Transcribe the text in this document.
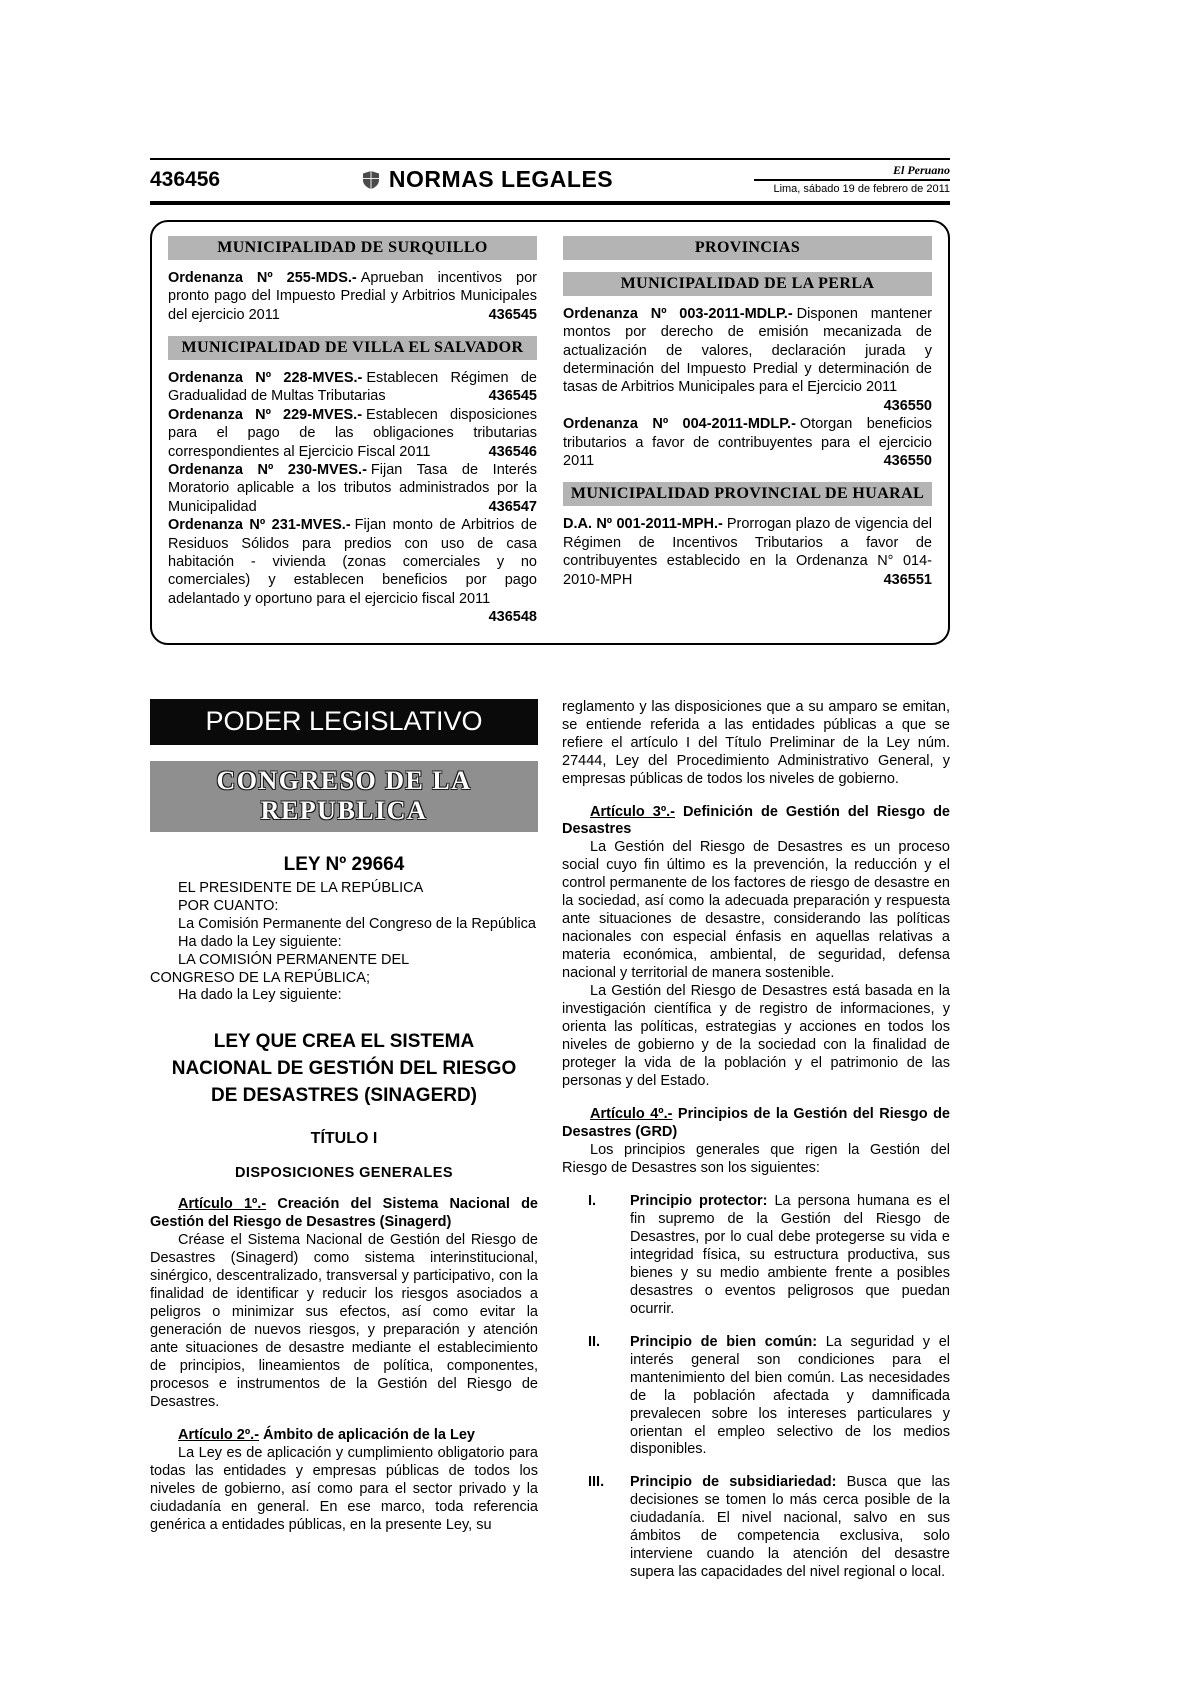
436456	NORMAS LEGALES	El Peruano
Lima, sábado 19 de febrero de 2011
MUNICIPALIDAD DE SURQUILLO

Ordenanza Nº 255-MDS.- Aprueban incentivos por pronto pago del Impuesto Predial y Arbitrios Municipales del ejercicio 2011	436545

MUNICIPALIDAD DE VILLA EL SALVADOR

Ordenanza Nº 228-MVES.- Establecen Régimen de Gradualidad de Multas Tributarias	436545

Ordenanza Nº 229-MVES.- Establecen disposiciones para el pago de las obligaciones tributarias correspondientes al Ejercicio Fiscal 2011	436546

Ordenanza Nº 230-MVES.- Fijan Tasa de Interés Moratorio aplicable a los tributos administrados por la Municipalidad	436547

Ordenanza Nº 231-MVES.- Fijan monto de Arbitrios de Residuos Sólidos para predios con uso de casa habitación - vivienda (zonas comerciales y no comerciales) y establecen beneficios por pago adelantado y oportuno para el ejercicio fiscal 2011
436548

PROVINCIAS
MUNICIPALIDAD DE LA PERLA

Ordenanza Nº 003-2011-MDLP.- Disponen mantener montos por derecho de emisión mecanizada de actualización de valores, declaración jurada y determinación del Impuesto Predial y determinación de tasas de Arbitrios Municipales para el Ejercicio 2011
436550

Ordenanza Nº 004-2011-MDLP.- Otorgan beneficios tributarios a favor de contribuyentes para el ejercicio 2011	436550

MUNICIPALIDAD PROVINCIAL DE HUARAL

D.A. Nº 001-2011-MPH.- Prorrogan plazo de vigencia del Régimen de Incentivos Tributarios a favor de contribuyentes establecido en la Ordenanza N° 014-2010-MPH	436551

PODER LEGISLATIVO
CONGRESO DE LA REPUBLICA
LEY Nº 29664

EL PRESIDENTE DE LA REPÚBLICA

POR CUANTO:

La Comisión Permanente del Congreso de la República

Ha dado la Ley siguiente:

LA COMISIÓN PERMANENTE DEL
CONGRESO DE LA REPÚBLICA;

Ha dado la Ley siguiente:

LEY QUE CREA EL SISTEMA NACIONAL DE GESTIÓN DEL RIESGO DE DESASTRES (SINAGERD)
TÍTULO I
DISPOSICIONES GENERALES

Artículo 1º.- Creación del Sistema Nacional de Gestión del Riesgo de Desastres (Sinagerd)

Créase el Sistema Nacional de Gestión del Riesgo de Desastres (Sinagerd) como sistema interinstitucional, sinérgico, descentralizado, transversal y participativo, con la finalidad de identificar y reducir los riesgos asociados a peligros o minimizar sus efectos, así como evitar la generación de nuevos riesgos, y preparación y atención ante situaciones de desastre mediante el establecimiento de principios, lineamientos de política, componentes, procesos e instrumentos de la Gestión del Riesgo de Desastres.

Artículo 2º.- Ámbito de aplicación de la Ley

La Ley es de aplicación y cumplimiento obligatorio para todas las entidades y empresas públicas de todos los niveles de gobierno, así como para el sector privado y la ciudadanía en general. En ese marco, toda referencia genérica a entidades públicas, en la presente Ley, su

reglamento y las disposiciones que a su amparo se emitan, se entiende referida a las entidades públicas a que se refiere el artículo I del Título Preliminar de la Ley núm. 27444, Ley del Procedimiento Administrativo General, y empresas públicas de todos los niveles de gobierno.

Artículo 3º.- Definición de Gestión del Riesgo de Desastres

La Gestión del Riesgo de Desastres es un proceso social cuyo fin último es la prevención, la reducción y el control permanente de los factores de riesgo de desastre en la sociedad, así como la adecuada preparación y respuesta ante situaciones de desastre, considerando las políticas nacionales con especial énfasis en aquellas relativas a materia económica, ambiental, de seguridad, defensa nacional y territorial de manera sostenible.

La Gestión del Riesgo de Desastres está basada en la investigación científica y de registro de informaciones, y orienta las políticas, estrategias y acciones en todos los niveles de gobierno y de la sociedad con la finalidad de proteger la vida de la población y el patrimonio de las personas y del Estado.

Artículo 4º.- Principios de la Gestión del Riesgo de Desastres (GRD)

Los principios generales que rigen la Gestión del Riesgo de Desastres son los siguientes:

I.	Principio protector: La persona humana es el fin supremo de la Gestión del Riesgo de Desastres, por lo cual debe protegerse su vida e integridad física, su estructura productiva, sus bienes y su medio ambiente frente a posibles desastres o eventos peligrosos que puedan ocurrir.

II.	Principio de bien común: La seguridad y el interés general son condiciones para el mantenimiento del bien común. Las necesidades de la población afectada y damnificada prevalecen sobre los intereses particulares y orientan el empleo selectivo de los medios disponibles.

III.	Principio de subsidiariedad: Busca que las decisiones se tomen lo más cerca posible de la ciudadanía. El nivel nacional, salvo en sus ámbitos de competencia exclusiva, solo interviene cuando la atención del desastre supera las capacidades del nivel regional o local.
